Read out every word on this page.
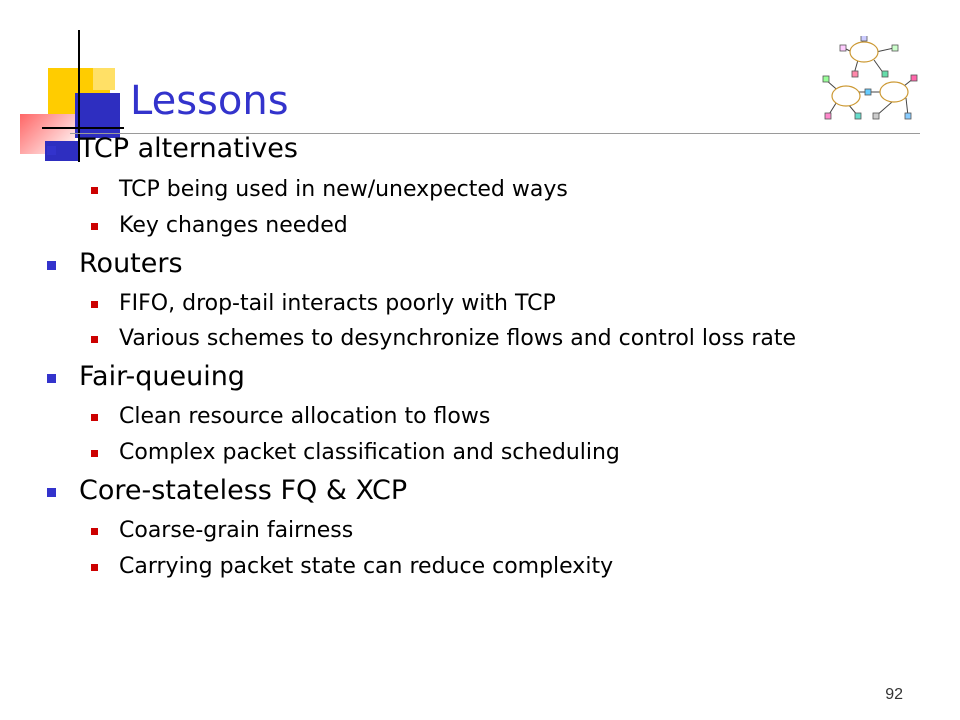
Lessons
TCP alternatives
TCP being used in new/unexpected ways
Key changes needed
Routers
FIFO, drop-tail interacts poorly with TCP
Various schemes to desynchronize flows and control loss rate
Fair-queuing
Clean resource allocation to flows
Complex packet classification and scheduling
Core-stateless FQ & XCP
Coarse-grain fairness
Carrying packet state can reduce complexity
92
